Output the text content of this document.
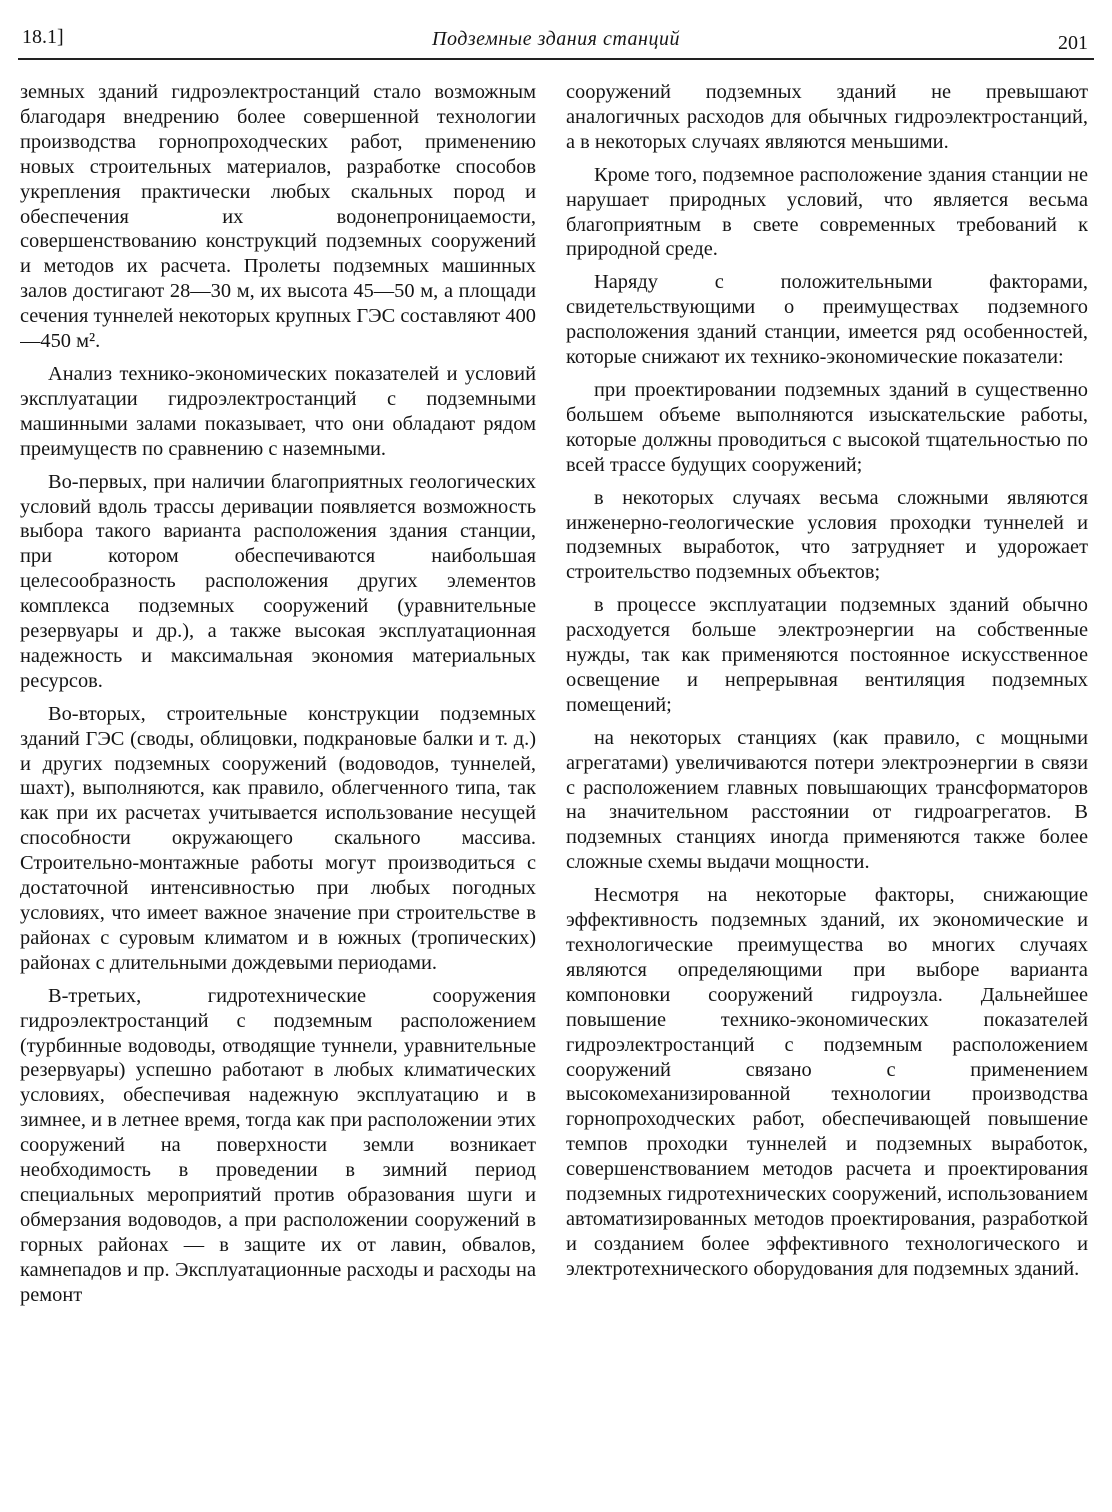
18.1]	Подземные здания станций	201

земных зданий гидроэлектростанций стало возможным благодаря внедрению более совершенной технологии производства горнопроходческих работ, применению новых строительных материалов, разработке способов укрепления практически любых скальных пород и обеспечения их водонепроницаемости, совершенствованию конструкций подземных сооружений и методов их расчета. Пролеты подземных машинных залов достигают 28—30 м, их высота 45—50 м, а площади сечения туннелей некоторых крупных ГЭС составляют 400—450 м².

Анализ технико-экономических показателей и условий эксплуатации гидроэлектростанций с подземными машинными залами показывает, что они обладают рядом преимуществ по сравнению с наземными.

Во-первых, при наличии благоприятных геологических условий вдоль трассы деривации появляется возможность выбора такого варианта расположения здания станции, при котором обеспечиваются наибольшая целесообразность расположения других элементов комплекса подземных сооружений (уравнительные резервуары и др.), а также высокая эксплуатационная надежность и максимальная экономия материальных ресурсов.

Во-вторых, строительные конструкции подземных зданий ГЭС (своды, облицовки, подкрановые балки и т. д.) и других подземных сооружений (водоводов, туннелей, шахт), выполняются, как правило, облегченного типа, так как при их расчетах учитывается использование несущей способности окружающего скального массива. Строительно-монтажные работы могут производиться с достаточной интенсивностью при любых погодных условиях, что имеет важное значение при строительстве в районах с суровым климатом и в южных (тропических) районах с длительными дождевыми периодами.

В-третьих, гидротехнические сооружения гидроэлектростанций с подземным расположением (турбинные водоводы, отводящие туннели, уравнительные резервуары) успешно работают в любых климатических условиях, обеспечивая надежную эксплуатацию и в зимнее, и в летнее время, тогда как при расположении этих сооружений на поверхности земли возникает необходимость в проведении в зимний период специальных мероприятий против образования шуги и обмерзания водоводов, а при расположении сооружений в горных районах — в защите их от лавин, обвалов, камнепадов и пр. Эксплуатационные расходы и расходы на ремонт

сооружений подземных зданий не превышают аналогичных расходов для обычных гидроэлектростанций, а в некоторых случаях являются меньшими.

Кроме того, подземное расположение здания станции не нарушает природных условий, что является весьма благоприятным в свете современных требований к природной среде.

Наряду с положительными факторами, свидетельствующими о преимуществах подземного расположения зданий станции, имеется ряд особенностей, которые снижают их технико-экономические показатели:

при проектировании подземных зданий в существенно большем объеме выполняются изыскательские работы, которые должны проводиться с высокой тщательностью по всей трассе будущих сооружений;

в некоторых случаях весьма сложными являются инженерно-геологические условия проходки туннелей и подземных выработок, что затрудняет и удорожает строительство подземных объектов;

в процессе эксплуатации подземных зданий обычно расходуется больше электроэнергии на собственные нужды, так как применяются постоянное искусственное освещение и непрерывная вентиляция подземных помещений;

на некоторых станциях (как правило, с мощными агрегатами) увеличиваются потери электроэнергии в связи с расположением главных повышающих трансформаторов на значительном расстоянии от гидроагрегатов. В подземных станциях иногда применяются также более сложные схемы выдачи мощности.

Несмотря на некоторые факторы, снижающие эффективность подземных зданий, их экономические и технологические преимущества во многих случаях являются определяющими при выборе варианта компоновки сооружений гидроузла. Дальнейшее повышение технико-экономических показателей гидроэлектростанций с подземным расположением сооружений связано с применением высокомеханизированной технологии производства горнопроходческих работ, обеспечивающей повышение темпов проходки туннелей и подземных выработок, совершенствованием методов расчета и проектирования подземных гидротехнических сооружений, использованием автоматизированных методов проектирования, разработкой и созданием более эффективного технологического и электротехнического оборудования для подземных зданий.
